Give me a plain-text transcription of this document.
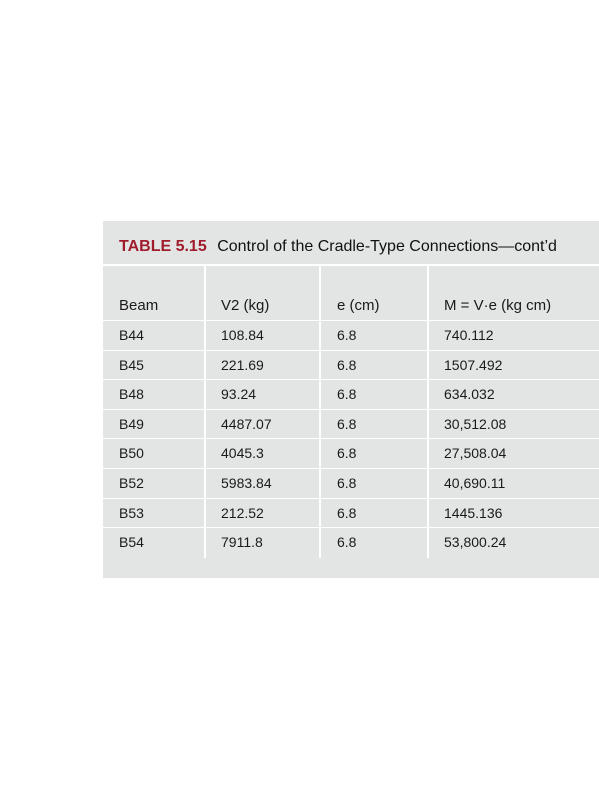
TABLE 5.15 Control of the Cradle-Type Connections—cont’d
Beam	V2 (kg)	e (cm)	M = V·e (kg cm)
B44	108.84	6.8	740.112
B45	221.69	6.8	1507.492
B48	93.24	6.8	634.032
B49	4487.07	6.8	30,512.08
B50	4045.3	6.8	27,508.04
B52	5983.84	6.8	40,690.11
B53	212.52	6.8	1445.136
B54	7911.8	6.8	53,800.24
